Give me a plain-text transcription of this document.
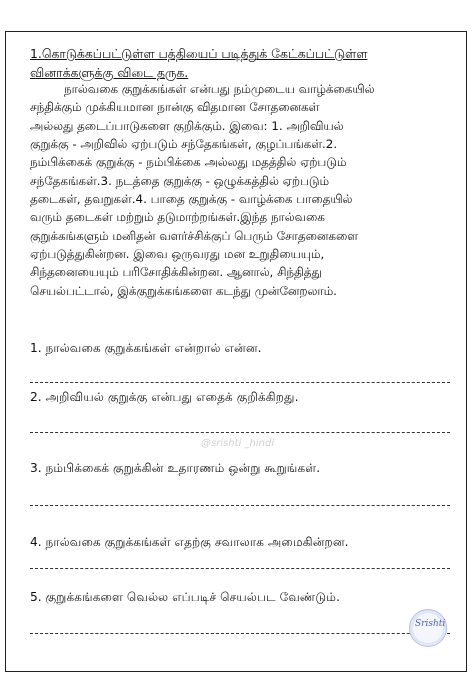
1.கொடுக்கப்பட்டுள்ள பத்தியைப் படித்துக் கேட்கப்பட்டுள்ள
வினாக்களுக்கு விடை தருக.
நால்வகை குறுக்கங்கள் என்பது நம்முடைய வாழ்க்கையில்
சந்திக்கும் முக்கியமான நான்கு விதமான சோதனைகள்
அல்லது தடைப்பாடுகளை குறிக்கும். இவை: 1. அறிவியல்
குறுக்கு - அறிவில் ஏற்படும் சந்தேகங்கள், குழப்பங்கள்.2.
நம்பிக்கைக் குறுக்கு - நம்பிக்கை அல்லது மதத்தில் ஏற்படும்
சந்தேகங்கள்.3. நடத்தை குறுக்கு - ஒழுக்கத்தில் ஏற்படும்
தடைகள், தவறுகள்.4. பாதை குறுக்கு - வாழ்க்கை பாதையில்
வரும் தடைகள் மற்றும் தடுமாற்றங்கள்.இந்த நால்வகை
குறுக்கங்களும் மனிதன் வளர்ச்சிக்குப் பெரும் சோதனைகளை
ஏற்படுத்துகின்றன. இவை ஒருவரது மன உறுதியையும்,
சிந்தனையையும் பரிசோதிக்கின்றன. ஆனால், சிந்தித்து
செயல்பட்டால், இக்குறுக்கங்களை கடந்து முன்னேறலாம்.
1. நால்வகை குறுக்கங்கள் என்றால் என்ன.
2. அறிவியல் குறுக்கு என்பது எதைக் குறிக்கிறது.
@srishti _hindi
3. நம்பிக்கைக் குறுக்கின் உதாரணம் ஒன்று கூறுங்கள்.
4. நால்வகை குறுக்கங்கள் எதற்கு சவாலாக அமைகின்றன.
5. குறுக்கங்களை வெல்ல எப்படிச் செயல்பட வேண்டும்.
Srishti
